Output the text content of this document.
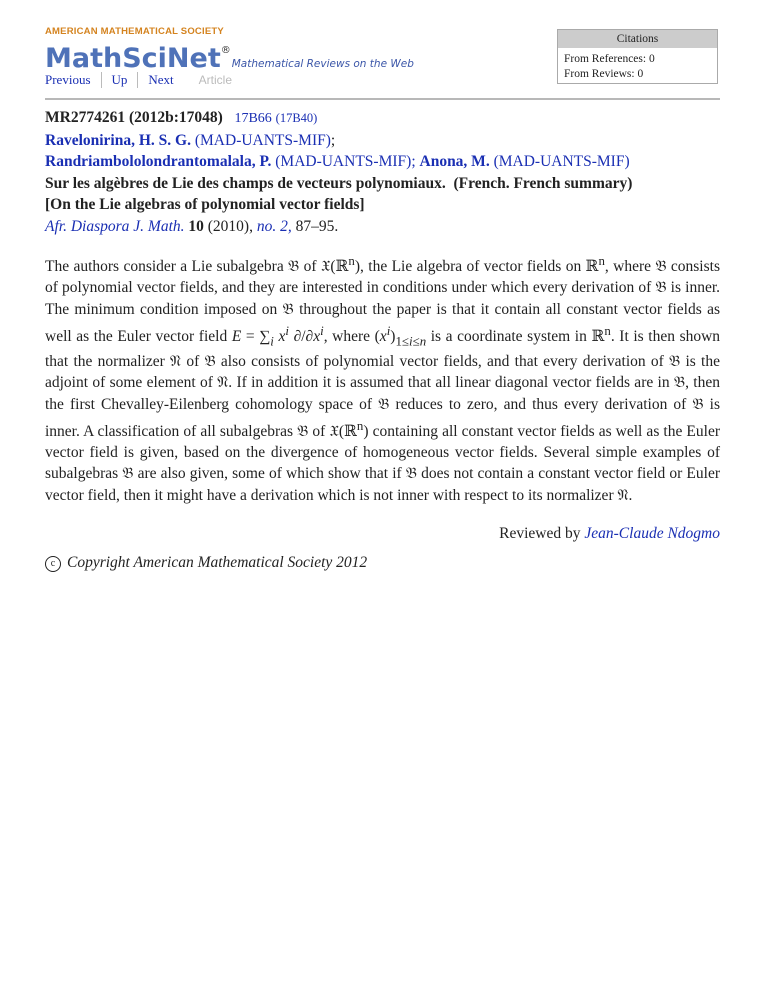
AMERICAN MATHEMATICAL SOCIETY
MathSciNet®Mathematical Reviews on the Web
Previous	Up	Next	Article
Citations
From References: 0
From Reviews: 0
MR2774261 (2012b:17048) 17B66 (17B40)
Ravelonirina, H. S. G. (MAD-UANTS-MIF);
Randriambololondrantomalala, P. (MAD-UANTS-MIF); Anona, M. (MAD-UANTS-MIF)
Sur les algèbres de Lie des champs de vecteurs polynomiaux. (French. French summary)
[On the Lie algebras of polynomial vector fields]
Afr. Diaspora J. Math. 10 (2010), no. 2, 87–95.
The authors consider a Lie subalgebra 𝔅 of 𝔛(ℝ$^n$), the Lie algebra of vector fields on ℝ$^n$, where 𝔅 consists of polynomial vector fields, and they are interested in conditions under which every derivation of 𝔅 is inner. The minimum condition imposed on 𝔅 throughout the paper is that it contain all constant vector fields as well as the Euler vector field $E = \sum_i$ $x^i$ $\partial/\partial x^i$, where $(x^i)_{1\le i\le n}$ is a coordinate system in ℝ$^n$. It is then shown that the normalizer 𝔑 of 𝔅 also consists of polynomial vector fields, and that every derivation of 𝔅 is the adjoint of some element of 𝔑. If in addition it is assumed that all linear diagonal vector fields are in 𝔅, then the first Chevalley-Eilenberg cohomology space of 𝔅 reduces to zero, and thus every derivation of 𝔅 is inner. A classification of all subalgebras 𝔅 of 𝔛(ℝ$^n$) containing all constant vector fields as well as the Euler vector field is given, based on the divergence of homogeneous vector fields. Several simple examples of subalgebras 𝔅 are also given, some of which show that if 𝔅 does not contain a constant vector field or Euler vector field, then it might have a derivation which is not inner with respect to its normalizer 𝔑.
Reviewed by Jean-Claude Ndogmo
c Copyright American Mathematical Society 2012
